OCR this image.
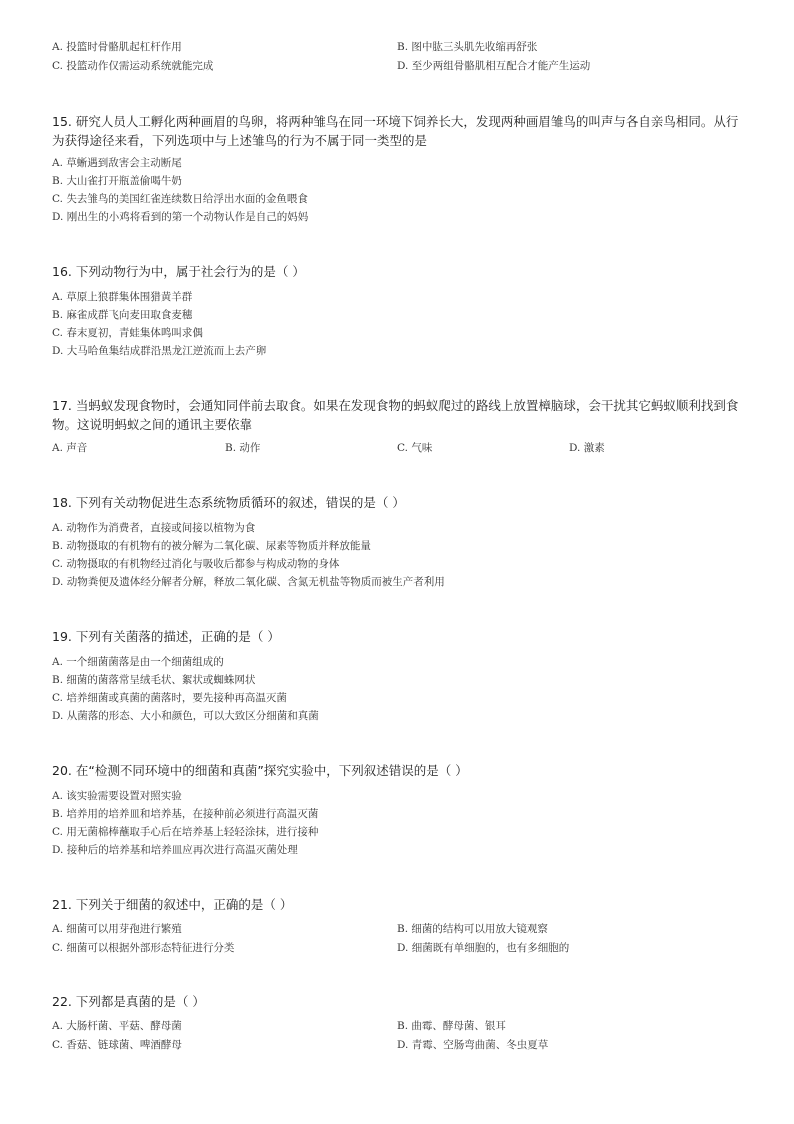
A. 投篮时骨骼肌起杠杆作用	B. 图中肱三头肌先收缩再舒张
C. 投篮动作仅需运动系统就能完成	D. 至少两组骨骼肌相互配合才能产生运动
15. 研究人员人工孵化两种画眉的鸟卵，将两种雏鸟在同一环境下饲养长大，发现两种画眉雏鸟的叫声与各自亲鸟相同。从行为获得途径来看，下列选项中与上述雏鸟的行为不属于同一类型的是
A. 草蜥遇到敌害会主动断尾
B. 大山雀打开瓶盖偷喝牛奶
C. 失去雏鸟的美国红雀连续数日给浮出水面的金鱼喂食
D. 刚出生的小鸡将看到的第一个动物认作是自己的妈妈
16. 下列动物行为中，属于社会行为的是（ ）
A. 草原上狼群集体围猎黄羊群
B. 麻雀成群飞向麦田取食麦穗
C. 春末夏初，青蛙集体鸣叫求偶
D. 大马哈鱼集结成群沿黑龙江逆流而上去产卵
17. 当蚂蚁发现食物时，会通知同伴前去取食。如果在发现食物的蚂蚁爬过的路线上放置樟脑球，会干扰其它蚂蚁顺利找到食物。这说明蚂蚁之间的通讯主要依靠
A. 声音	B. 动作	C. 气味	D. 激素
18. 下列有关动物促进生态系统物质循环的叙述，错误的是（ ）
A. 动物作为消费者，直接或间接以植物为食
B. 动物摄取的有机物有的被分解为二氧化碳、尿素等物质并释放能量
C. 动物摄取的有机物经过消化与吸收后都参与构成动物的身体
D. 动物粪便及遗体经分解者分解，释放二氧化碳、含氮无机盐等物质而被生产者利用
19. 下列有关菌落的描述，正确的是（ ）
A. 一个细菌菌落是由一个细菌组成的
B. 细菌的菌落常呈绒毛状、絮状或蜘蛛网状
C. 培养细菌或真菌的菌落时，要先接种再高温灭菌
D. 从菌落的形态、大小和颜色，可以大致区分细菌和真菌
20. 在“检测不同环境中的细菌和真菌”探究实验中，下列叙述错误的是（ ）
A. 该实验需要设置对照实验
B. 培养用的培养皿和培养基，在接种前必须进行高温灭菌
C. 用无菌棉棒蘸取手心后在培养基上轻轻涂抹，进行接种
D. 接种后的培养基和培养皿应再次进行高温灭菌处理
21. 下列关于细菌的叙述中，正确的是（ ）
A. 细菌可以用芽孢进行繁殖	B. 细菌的结构可以用放大镜观察
C. 细菌可以根据外部形态特征进行分类	D. 细菌既有单细胞的，也有多细胞的
22. 下列都是真菌的是（ ）
A. 大肠杆菌、平菇、酵母菌	B. 曲霉、酵母菌、银耳
C. 香菇、链球菌、啤酒酵母	D. 青霉、空肠弯曲菌、冬虫夏草
